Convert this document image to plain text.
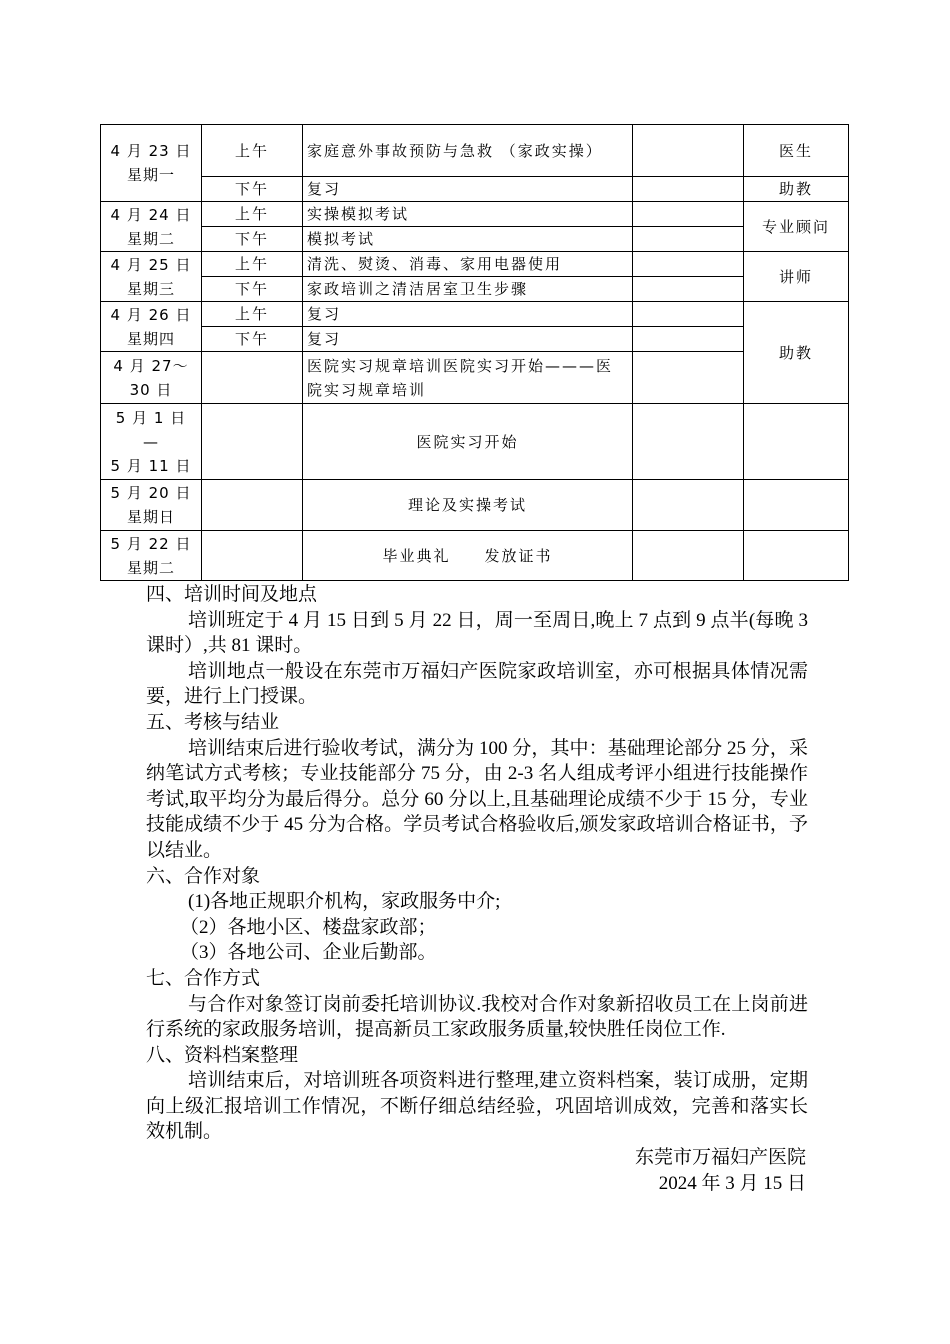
4 月 23 日
星期一	上午	家庭意外事故预防与急救 （家政实操）		医生
	下午	复习		助教

4 月 24 日
星期二	上午	实操模拟考试		专业顾问
	下午	模拟考试		

4 月 25 日
星期三	上午	清洗、熨烫、消毒、家用电器使用		讲师
	下午	家政培训之清洁居室卫生步骤		

4 月 26 日
星期四	上午	复习		助教
	下午	复习		

4 月 27～
30 日		医院实习规章培训医院实习开始———医院实习规章培训		

5 月 1 日
—
5 月 11 日		医院实习开始		

5 月 20 日
星期日		理论及实操考试		

5 月 22 日
星期二		毕业典礼　　发放证书		

四、培训时间及地点

培训班定于 4 月 15 日到 5 月 22 日，周一至周日,晚上 7 点到 9 点半(每晚 3 课时）,共 81 课时。

培训地点一般设在东莞市万福妇产医院家政培训室，亦可根据具体情况需要，进行上门授课。

五、考核与结业

培训结束后进行验收考试，满分为 100 分，其中：基础理论部分 25 分，采纳笔试方式考核；专业技能部分 75 分，由 2-3 名人组成考评小组进行技能操作考试,取平均分为最后得分。总分 60 分以上,且基础理论成绩不少于 15 分，专业技能成绩不少于 45 分为合格。学员考试合格验收后,颁发家政培训合格证书，予以结业。

六、合作对象

(1)各地正规职介机构，家政服务中介;

（2）各地小区、楼盘家政部；

（3）各地公司、企业后勤部。

七、合作方式

与合作对象签订岗前委托培训协议.我校对合作对象新招收员工在上岗前进行系统的家政服务培训，提高新员工家政服务质量,较快胜任岗位工作.

八、资料档案整理

培训结束后，对培训班各项资料进行整理,建立资料档案，装订成册，定期向上级汇报培训工作情况，不断仔细总结经验，巩固培训成效，完善和落实长效机制。

东莞市万福妇产医院

2024 年 3 月 15 日
